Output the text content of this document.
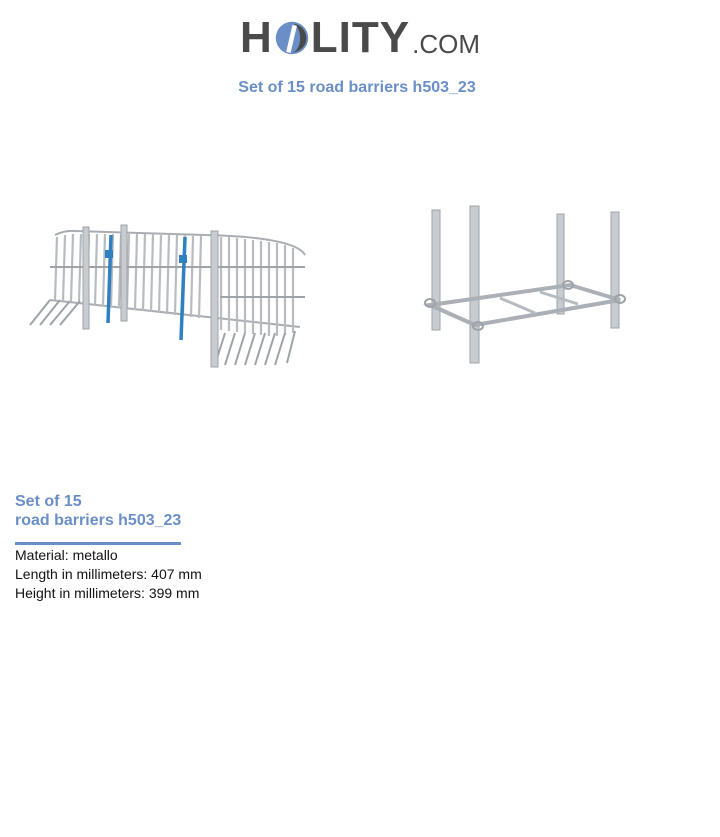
H LITY .COM
Set of 15 road barriers h503_23
Set of 15
road barriers h503_23
Material: metallo
Length in millimeters: 407 mm
Height in millimeters: 399 mm
